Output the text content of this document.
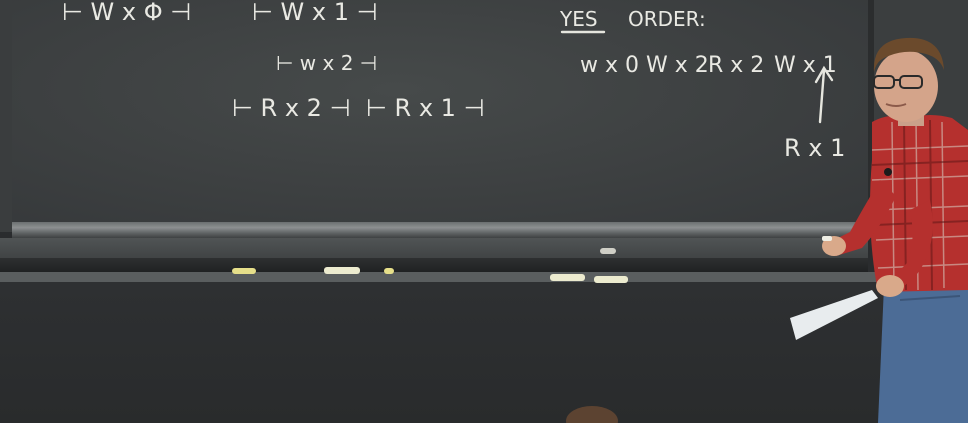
⊢ W x Φ ⊣	⊢ W x 1 ⊣
⊢ w x 2 ⊣
⊢ R x 2 ⊣ ⊢ R x 1 ⊣
YES ORDER:
w x 0 W x 2 R x 2 W x 1
R x 1
